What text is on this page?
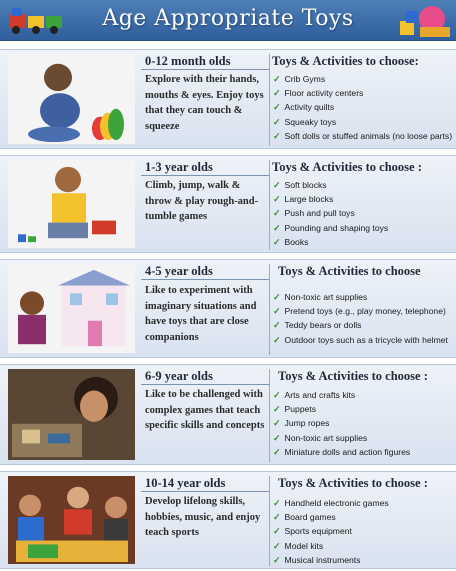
Age Appropriate Toys
0-12 month olds
Explore with their hands, mouths & eyes. Enjoy toys that they can touch & squeeze
Toys & Activities to choose:
✓ Crib Gyms
✓ Floor activity centers
✓ Activity quilts
✓ Squeaky toys
✓ Soft dolls or stuffed animals (no loose parts)
1-3 year olds
Climb, jump, walk & throw & play rough-and-tumble games
Toys & Activities to choose :
✓ Soft blocks
✓ Large blocks
✓ Push and pull toys
✓ Pounding and shaping toys
✓ Books
4-5 year olds
Like to experiment with imaginary situations and have toys that are close companions
Toys & Activities to choose
✓ Non-toxic art supplies
✓ Pretend toys (e.g., play money, telephone)
✓ Teddy bears or dolls
✓ Outdoor toys such as a tricycle with helmet
6-9 year olds
Like to be challenged with complex games that teach specific skills and concepts
Toys & Activities to choose :
✓ Arts and crafts kits
✓ Puppets
✓ Jump ropes
✓ Non-toxic art supplies
✓ Miniature dolls and action figures
10-14 year olds
Develop lifelong skills, hobbies, music, and enjoy teach sports
Toys & Activities to choose :
✓ Handheld electronic games
✓ Board games
✓ Sports equipment
✓ Model kits
✓ Musical instruments
